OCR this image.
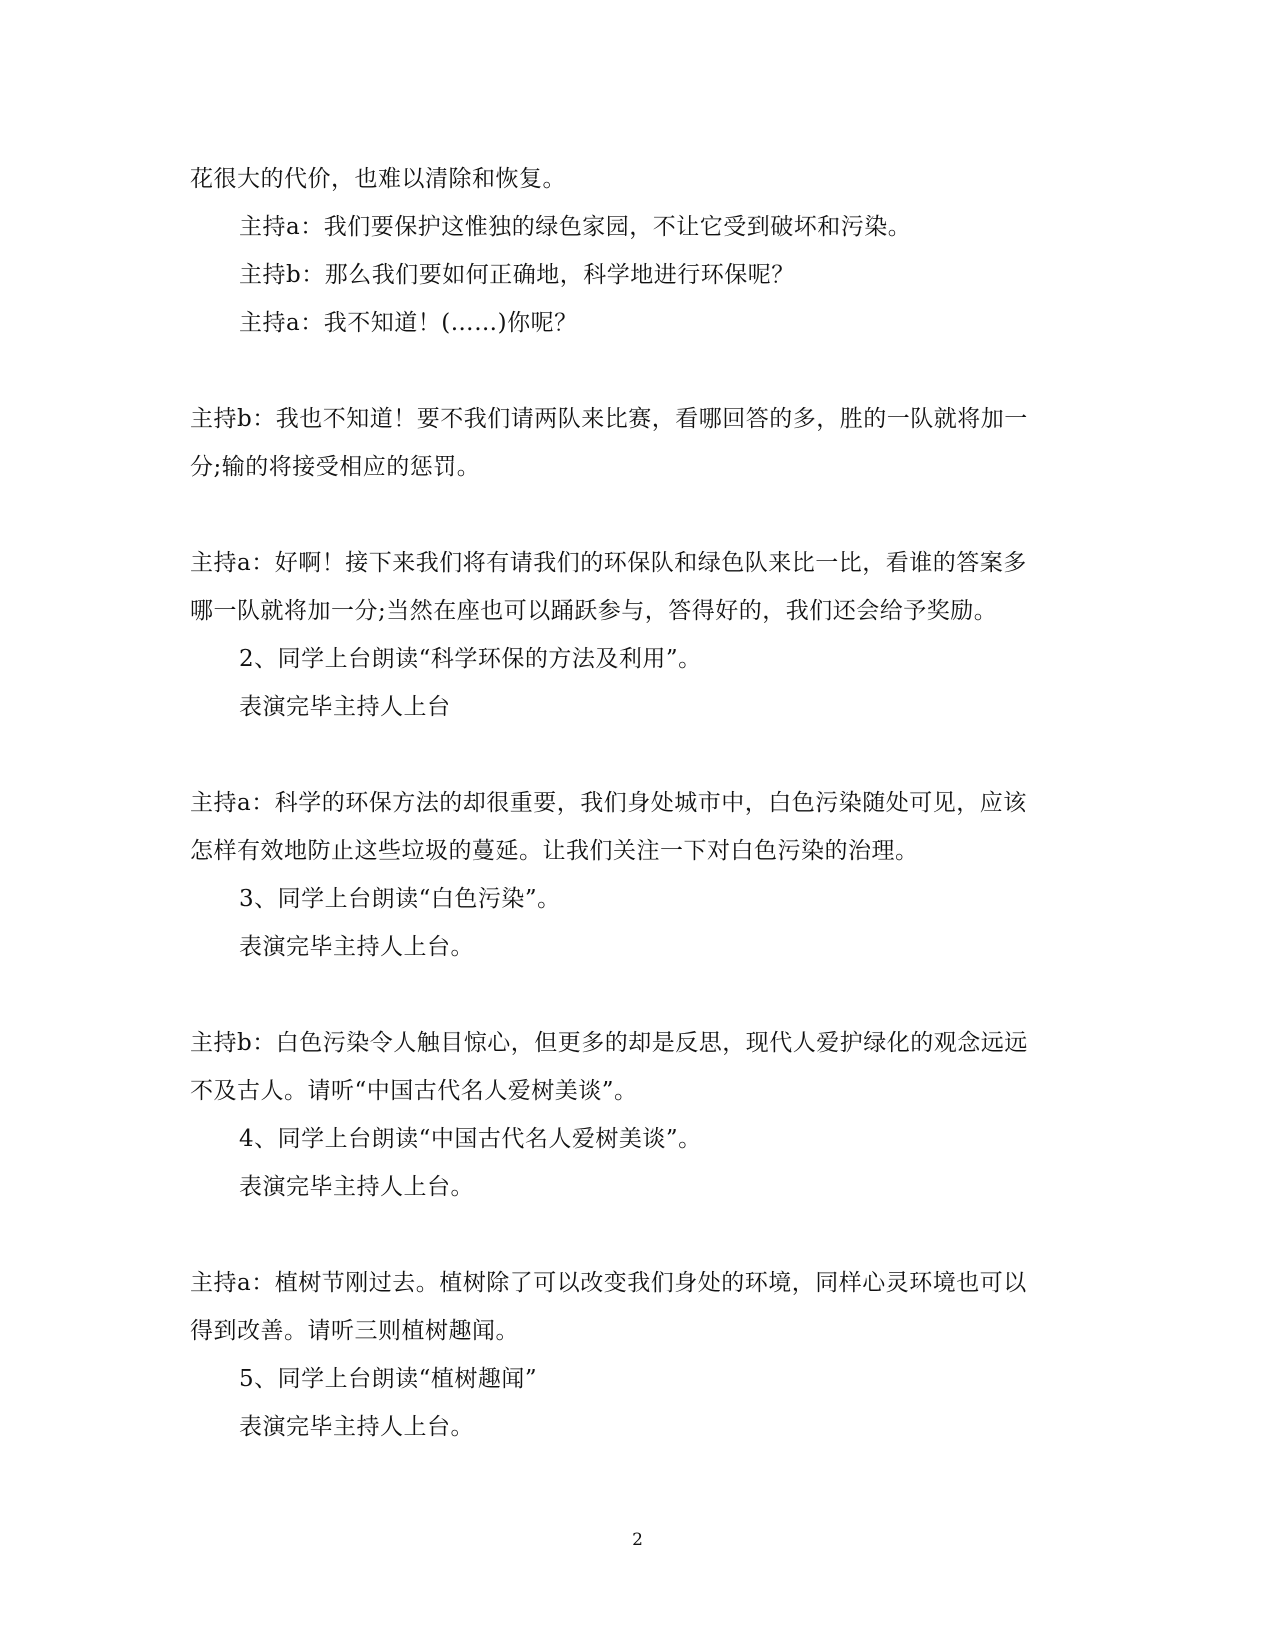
花很大的代价，也难以清除和恢复。
主持a：我们要保护这惟独的绿色家园，不让它受到破坏和污染。
主持b：那么我们要如何正确地，科学地进行环保呢？
主持a：我不知道！(……)你呢？
主持b：我也不知道！要不我们请两队来比赛，看哪回答的多，胜的一队就将加一
分;输的将接受相应的惩罚。
主持a：好啊！接下来我们将有请我们的环保队和绿色队来比一比，看谁的答案多
哪一队就将加一分;当然在座也可以踊跃参与，答得好的，我们还会给予奖励。
2、同学上台朗读“科学环保的方法及利用”。
表演完毕主持人上台
主持a：科学的环保方法的却很重要，我们身处城市中，白色污染随处可见，应该
怎样有效地防止这些垃圾的蔓延。让我们关注一下对白色污染的治理。
3、同学上台朗读“白色污染”。
表演完毕主持人上台。
主持b：白色污染令人触目惊心，但更多的却是反思，现代人爱护绿化的观念远远
不及古人。请听“中国古代名人爱树美谈”。
4、同学上台朗读“中国古代名人爱树美谈”。
表演完毕主持人上台。
主持a：植树节刚过去。植树除了可以改变我们身处的环境，同样心灵环境也可以
得到改善。请听三则植树趣闻。
5、同学上台朗读“植树趣闻”
表演完毕主持人上台。
2
